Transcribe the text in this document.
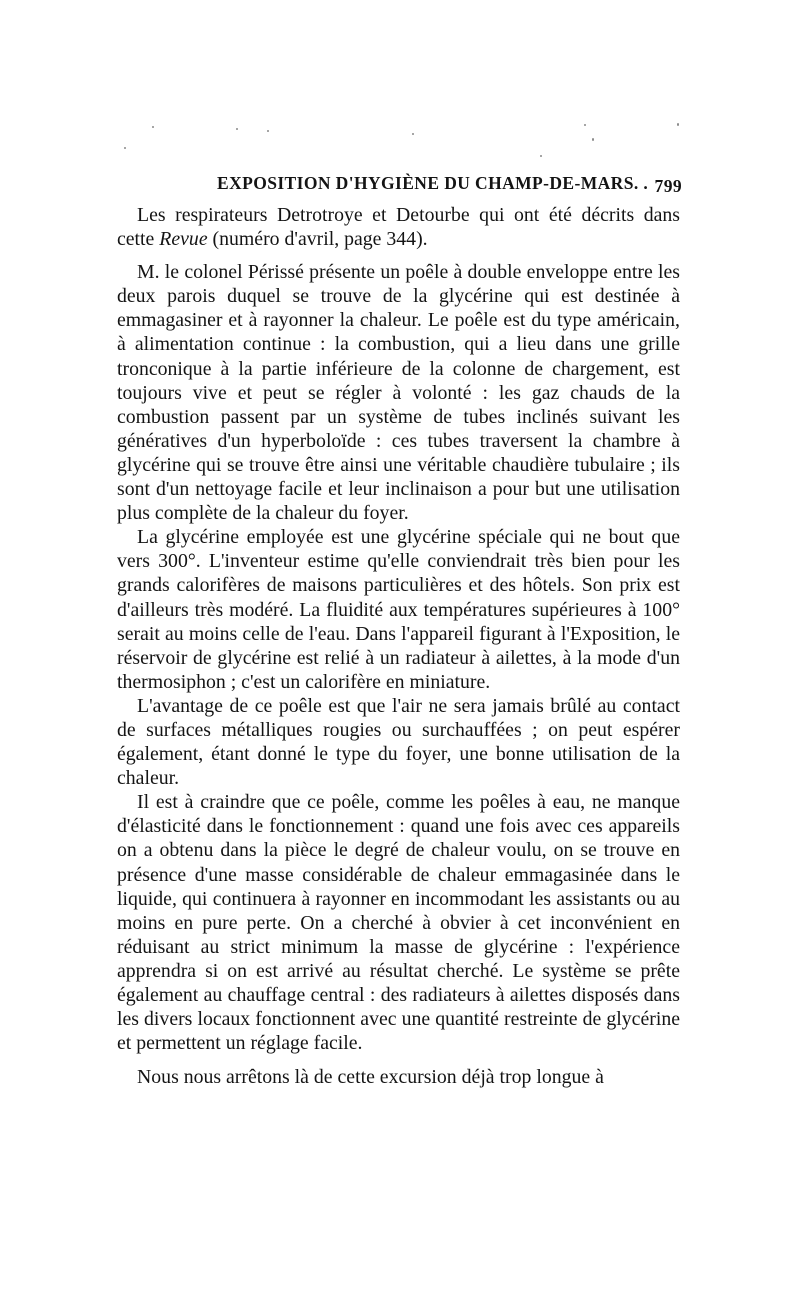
EXPOSITION D'HYGIÈNE DU CHAMP-DE-MARS. . 799

Les respirateurs Detrotroye et Detourbe qui ont été décrits dans cette Revue (numéro d'avril, page 344).

M. le colonel Périssé présente un poêle à double enveloppe entre les deux parois duquel se trouve de la glycérine qui est destinée à emmagasiner et à rayonner la chaleur. Le poêle est du type américain, à alimentation continue : la combustion, qui a lieu dans une grille tronconique à la partie inférieure de la colonne de chargement, est toujours vive et peut se régler à volonté : les gaz chauds de la combustion passent par un système de tubes inclinés suivant les génératives d'un hyperboloïde : ces tubes traversent la chambre à glycérine qui se trouve être ainsi une véritable chaudière tubulaire ; ils sont d'un nettoyage facile et leur inclinaison a pour but une utilisation plus complète de la chaleur du foyer.

La glycérine employée est une glycérine spéciale qui ne bout que vers 300°. L'inventeur estime qu'elle conviendrait très bien pour les grands calorifères de maisons particulières et des hôtels. Son prix est d'ailleurs très modéré. La fluidité aux températures supérieures à 100° serait au moins celle de l'eau. Dans l'appareil figurant à l'Exposition, le réservoir de glycérine est relié à un radiateur à ailettes, à la mode d'un thermosiphon ; c'est un calorifère en miniature.

L'avantage de ce poêle est que l'air ne sera jamais brûlé au contact de surfaces métalliques rougies ou surchauffées ; on peut espérer également, étant donné le type du foyer, une bonne utilisation de la chaleur.

Il est à craindre que ce poêle, comme les poêles à eau, ne manque d'élasticité dans le fonctionnement : quand une fois avec ces appareils on a obtenu dans la pièce le degré de chaleur voulu, on se trouve en présence d'une masse considérable de chaleur emmagasinée dans le liquide, qui continuera à rayonner en incommodant les assistants ou au moins en pure perte. On a cherché à obvier à cet inconvénient en réduisant au strict minimum la masse de glycérine : l'expérience apprendra si on est arrivé au résultat cherché. Le système se prête également au chauffage central : des radiateurs à ailettes disposés dans les divers locaux fonctionnent avec une quantité restreinte de glycérine et permettent un réglage facile.

Nous nous arrêtons là de cette excursion déjà trop longue à
